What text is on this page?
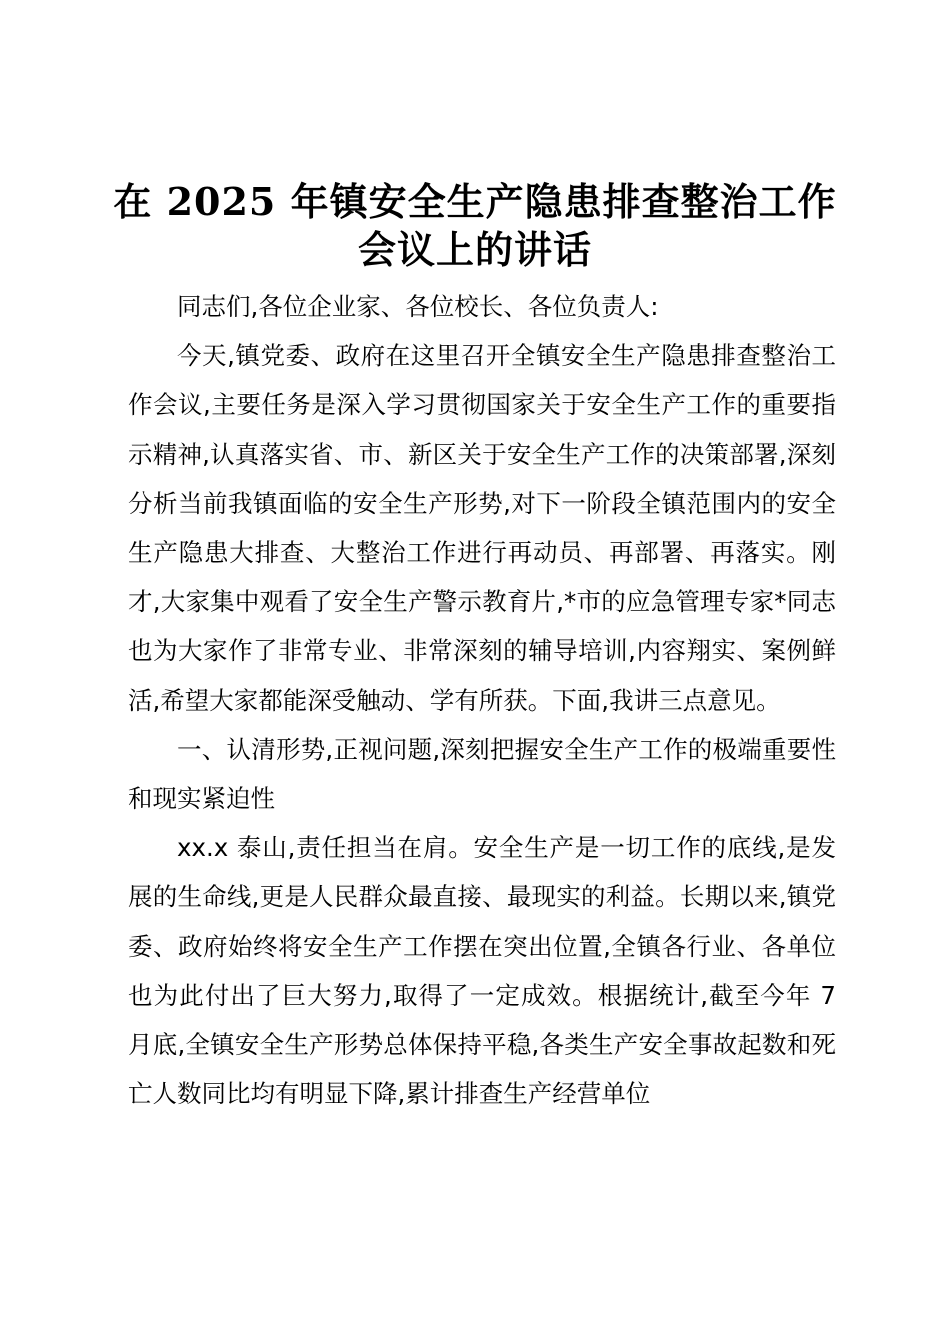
在 2025 年镇安全生产隐患排查整治工作会议上的讲话

同志们,各位企业家、各位校长、各位负责人:

今天,镇党委、政府在这里召开全镇安全生产隐患排查整治工作会议,主要任务是深入学习贯彻国家关于安全生产工作的重要指示精神,认真落实省、市、新区关于安全生产工作的决策部署,深刻分析当前我镇面临的安全生产形势,对下一阶段全镇范围内的安全生产隐患大排查、大整治工作进行再动员、再部署、再落实。刚才,大家集中观看了安全生产警示教育片,*市的应急管理专家*同志也为大家作了非常专业、非常深刻的辅导培训,内容翔实、案例鲜活,希望大家都能深受触动、学有所获。下面,我讲三点意见。

一、认清形势,正视问题,深刻把握安全生产工作的极端重要性和现实紧迫性

xx.x 泰山,责任担当在肩。安全生产是一切工作的底线,是发展的生命线,更是人民群众最直接、最现实的利益。长期以来,镇党委、政府始终将安全生产工作摆在突出位置,全镇各行业、各单位也为此付出了巨大努力,取得了一定成效。根据统计,截至今年 7 月底,全镇安全生产形势总体保持平稳,各类生产安全事故起数和死亡人数同比均有明显下降,累计排查生产经营单位
